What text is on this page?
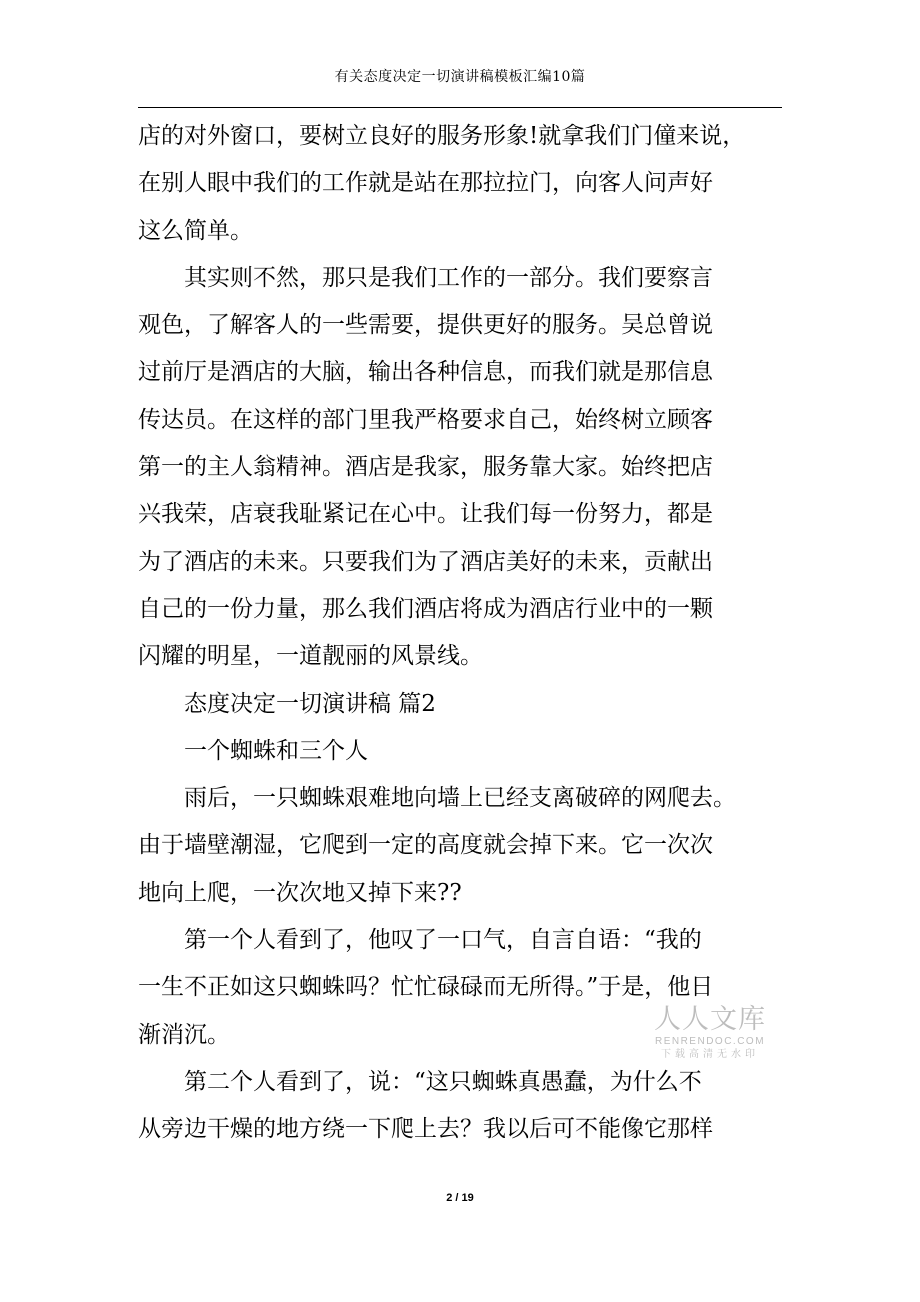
有关态度决定一切演讲稿模板汇编10篇
店的对外窗口，要树立良好的服务形象!就拿我们门僮来说，
在别人眼中我们的工作就是站在那拉拉门，向客人问声好
这么简单。
　　其实则不然，那只是我们工作的一部分。我们要察言
观色，了解客人的一些需要，提供更好的服务。吴总曾说
过前厅是酒店的大脑，输出各种信息，而我们就是那信息
传达员。在这样的部门里我严格要求自己，始终树立顾客
第一的主人翁精神。酒店是我家，服务靠大家。始终把店
兴我荣，店衰我耻紧记在心中。让我们每一份努力，都是
为了酒店的未来。只要我们为了酒店美好的未来，贡献出
自己的一份力量，那么我们酒店将成为酒店行业中的一颗
闪耀的明星，一道靓丽的风景线。
　　态度决定一切演讲稿 篇2
　　一个蜘蛛和三个人
　　雨后，一只蜘蛛艰难地向墙上已经支离破碎的网爬去。
由于墙壁潮湿，它爬到一定的高度就会掉下来。它一次次
地向上爬，一次次地又掉下来??
　　第一个人看到了，他叹了一口气，自言自语：“我的
一生不正如这只蜘蛛吗？忙忙碌碌而无所得。”于是，他日
渐消沉。
　　第二个人看到了，说：“这只蜘蛛真愚蠢，为什么不
从旁边干燥的地方绕一下爬上去？我以后可不能像它那样
人人文库
RENRENDOC.COM
下载高清无水印
2 / 19
